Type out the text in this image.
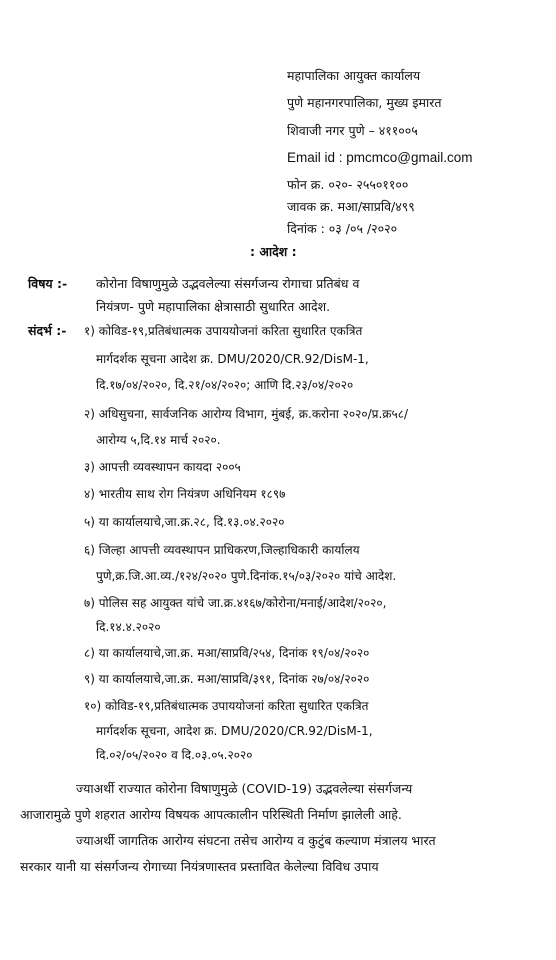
महापालिका आयुक्त कार्यालय
पुणे महानगरपालिका, मुख्य इमारत
शिवाजी नगर पुणे – ४११००५
Email id : pmcmco@gmail.com
फोन क्र. ०२०- २५५०११००
जावक क्र. मआ/साप्रवि/४९९
दिनांक : ०३ /०५ /२०२०
: आदेश :
विषय :- कोरोना विषाणुमुळे उद्भवलेल्या संसर्गजन्य रोगाचा प्रतिबंध व
नियंत्रण- पुणे महापालिका क्षेत्रासाठी सुधारित आदेश.
संदर्भ :- १) कोविड-१९,प्रतिबंधात्मक उपाययोजनां करिता सुधारित एकत्रित
मार्गदर्शक सूचना आदेश क्र. DMU/2020/CR.92/DisM-1,
दि.१७/०४/२०२०, दि.२१/०४/२०२०; आणि दि.२३/०४/२०२०
२) अधिसुचना, सार्वजनिक आरोग्य विभाग, मुंबई, क्र.करोना २०२०/प्र.क्र५८/
आरोग्य ५,दि.१४ मार्च २०२०.
३) आपत्ती व्यवस्थापन कायदा २००५
४) भारतीय साथ रोग नियंत्रण अधिनियम १८९७
५) या कार्यालयाचे,जा.क्र.२८, दि.१३.०४.२०२०
६) जिल्हा आपत्ती व्यवस्थापन प्राधिकरण,जिल्हाधिकारी कार्यालय
पुणे,क्र.जि.आ.व्य./१२४/२०२० पुणे.दिनांक.१५/०३/२०२० यांचे आदेश.
७) पोलिस सह आयुक्त यांचे जा.क्र.४१६७/कोरोना/मनाई/आदेश/२०२०,
दि.१४.४.२०२०
८) या कार्यालयाचे,जा.क्र. मआ/साप्रवि/२५४, दिनांक १९/०४/२०२०
९) या कार्यालयाचे,जा.क्र. मआ/साप्रवि/३९१, दिनांक २७/०४/२०२०
१०) कोविड-१९,प्रतिबंधात्मक उपाययोजनां करिता सुधारित एकत्रित
मार्गदर्शक सूचना, आदेश क्र. DMU/2020/CR.92/DisM-1,
दि.०२/०५/२०२० व दि.०३.०५.२०२०
ज्याअर्थी राज्यात कोरोना विषाणुमुळे (COVID-19) उद्भवलेल्या संसर्गजन्य
आजारामुळे पुणे शहरात आरोग्य विषयक आपत्कालीन परिस्थिती निर्माण झालेली आहे.
ज्याअर्थी जागतिक आरोग्य संघटना तसेच आरोग्य व कुटुंब कल्याण मंत्रालय भारत
सरकार यानी या संसर्गजन्य रोगाच्या नियंत्रणास्तव प्रस्तावित केलेल्या विविध उपाय
